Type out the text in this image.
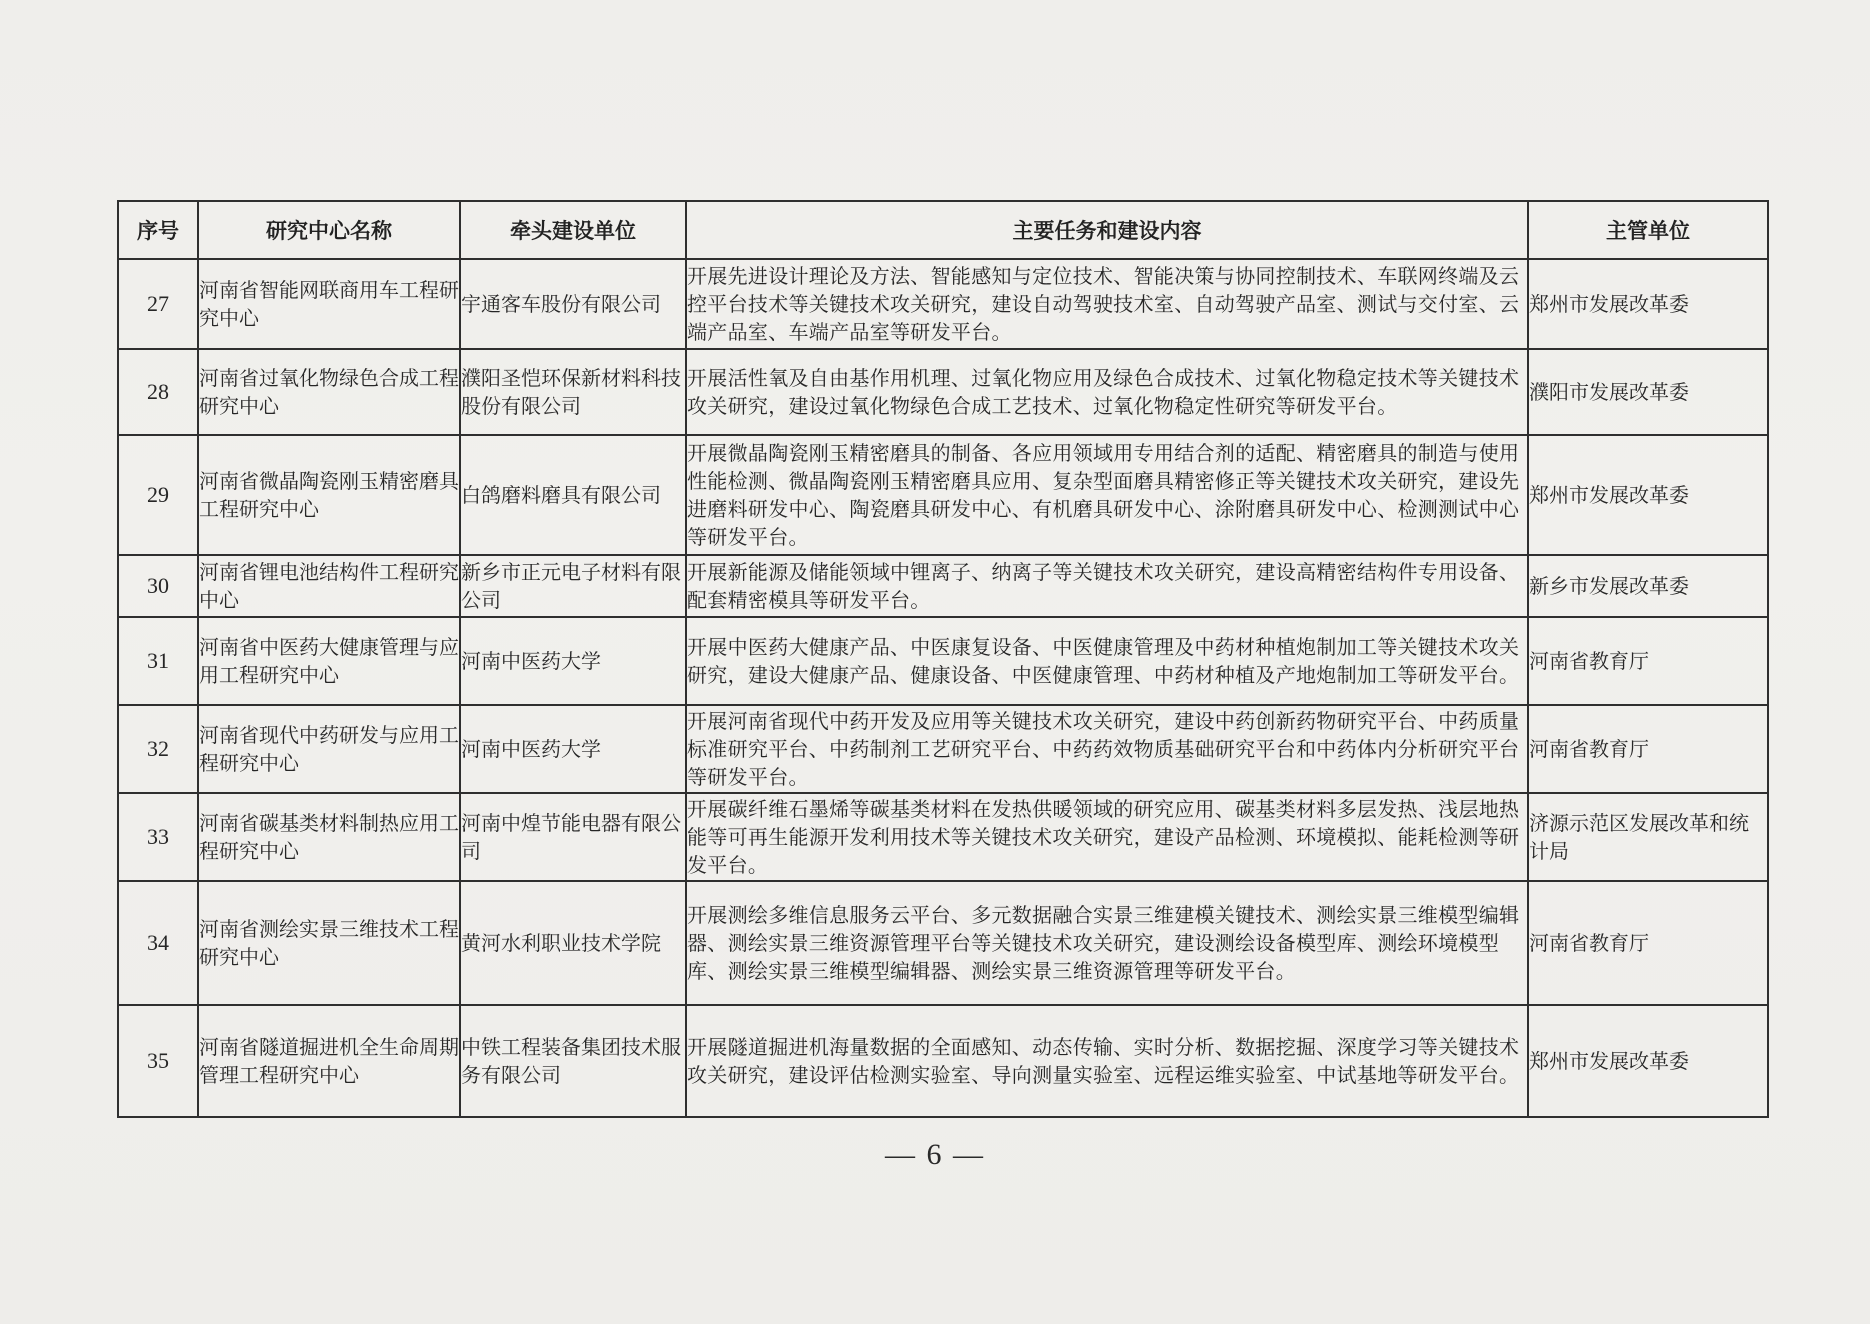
序号	研究中心名称	牵头建设单位	主要任务和建设内容	主管单位
27	河南省智能网联商用车工程研究中心	宇通客车股份有限公司	开展先进设计理论及方法、智能感知与定位技术、智能决策与协同控制技术、车联网终端及云控平台技术等关键技术攻关研究，建设自动驾驶技术室、自动驾驶产品室、测试与交付室、云端产品室、车端产品室等研发平台。	郑州市发展改革委
28	河南省过氧化物绿色合成工程研究中心	濮阳圣恺环保新材料科技股份有限公司	开展活性氧及自由基作用机理、过氧化物应用及绿色合成技术、过氧化物稳定技术等关键技术攻关研究，建设过氧化物绿色合成工艺技术、过氧化物稳定性研究等研发平台。	濮阳市发展改革委
29	河南省微晶陶瓷刚玉精密磨具工程研究中心	白鸽磨料磨具有限公司	开展微晶陶瓷刚玉精密磨具的制备、各应用领域用专用结合剂的适配、精密磨具的制造与使用性能检测、微晶陶瓷刚玉精密磨具应用、复杂型面磨具精密修正等关键技术攻关研究，建设先进磨料研发中心、陶瓷磨具研发中心、有机磨具研发中心、涂附磨具研发中心、检测测试中心等研发平台。	郑州市发展改革委
30	河南省锂电池结构件工程研究中心	新乡市正元电子材料有限公司	开展新能源及储能领域中锂离子、纳离子等关键技术攻关研究，建设高精密结构件专用设备、配套精密模具等研发平台。	新乡市发展改革委
31	河南省中医药大健康管理与应用工程研究中心	河南中医药大学	开展中医药大健康产品、中医康复设备、中医健康管理及中药材种植炮制加工等关键技术攻关研究，建设大健康产品、健康设备、中医健康管理、中药材种植及产地炮制加工等研发平台。	河南省教育厅
32	河南省现代中药研发与应用工程研究中心	河南中医药大学	开展河南省现代中药开发及应用等关键技术攻关研究，建设中药创新药物研究平台、中药质量标准研究平台、中药制剂工艺研究平台、中药药效物质基础研究平台和中药体内分析研究平台等研发平台。	河南省教育厅
33	河南省碳基类材料制热应用工程研究中心	河南中煌节能电器有限公司	开展碳纤维石墨烯等碳基类材料在发热供暖领域的研究应用、碳基类材料多层发热、浅层地热能等可再生能源开发利用技术等关键技术攻关研究，建设产品检测、环境模拟、能耗检测等研发平台。	济源示范区发展改革和统计局
34	河南省测绘实景三维技术工程研究中心	黄河水利职业技术学院	开展测绘多维信息服务云平台、多元数据融合实景三维建模关键技术、测绘实景三维模型编辑器、测绘实景三维资源管理平台等关键技术攻关研究，建设测绘设备模型库、测绘环境模型库、测绘实景三维模型编辑器、测绘实景三维资源管理等研发平台。	河南省教育厅
35	河南省隧道掘进机全生命周期管理工程研究中心	中铁工程装备集团技术服务有限公司	开展隧道掘进机海量数据的全面感知、动态传输、实时分析、数据挖掘、深度学习等关键技术攻关研究，建设评估检测实验室、导向测量实验室、远程运维实验室、中试基地等研发平台。	郑州市发展改革委
— 6 —
